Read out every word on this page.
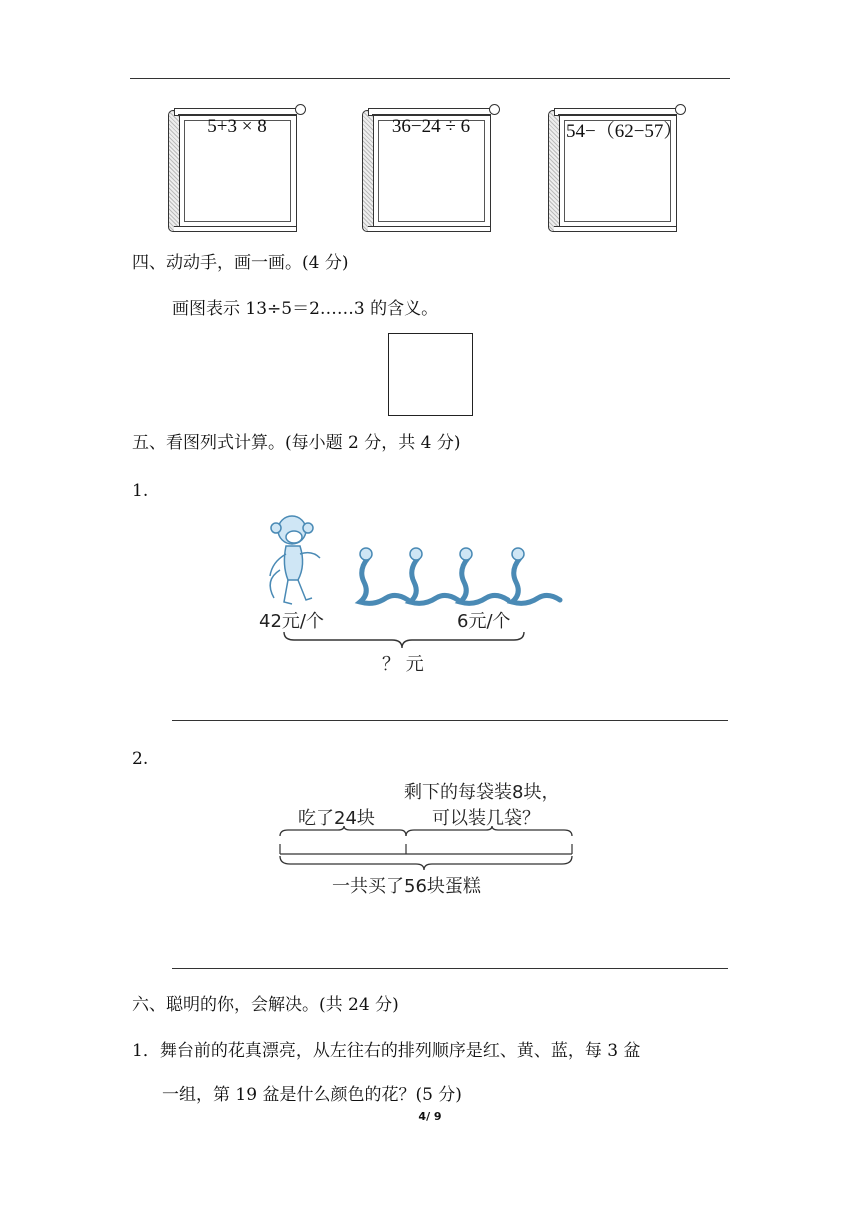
5+3 × 8	36−24 ÷ 6	54−（62−57）
四、动动手，画一画。(4 分)
画图表示 13÷5＝2……3 的含义。
五、看图列式计算。(每小题 2 分，共 4 分)
1.
42元/个	6元/个
？ 元
2.
剩下的每袋装8块，
可以装几袋？
吃了24块
一共买了56块蛋糕
六、聪明的你，会解决。(共 24 分)
1．舞台前的花真漂亮，从左往右的排列顺序是红、黄、蓝，每 3 盆
一组，第 19 盆是什么颜色的花？(5 分)
4/ 9
